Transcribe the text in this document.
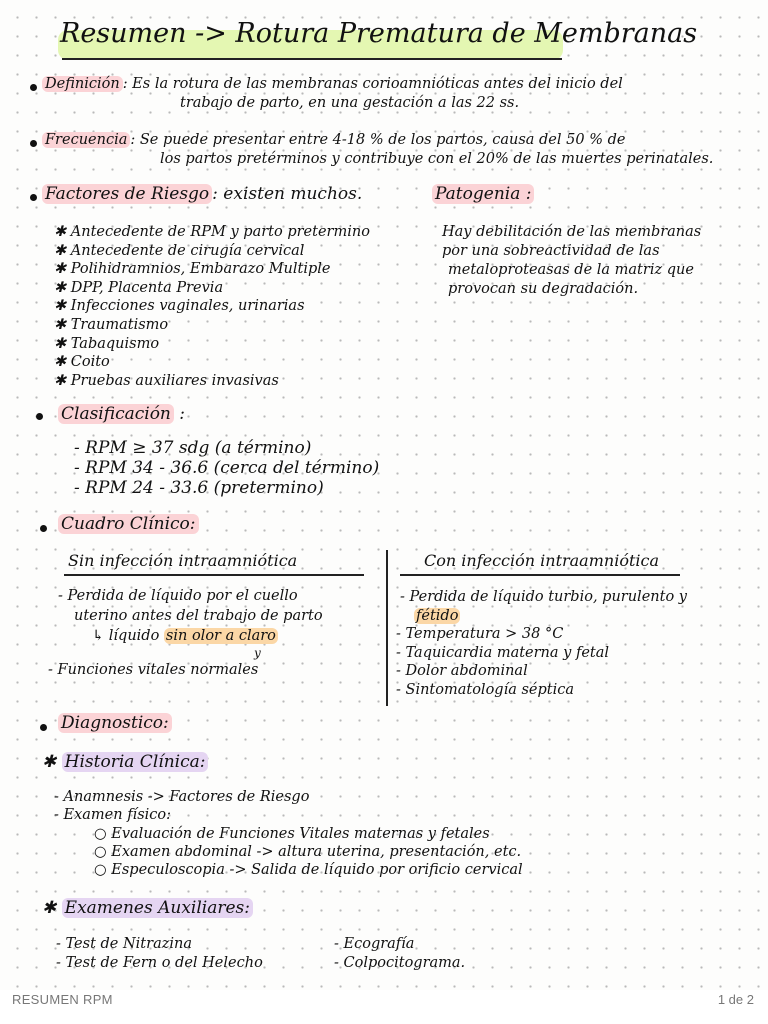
Resumen -> Rotura Prematura de Membranas
Definición : Es la rotura de las membranas corioamnióticas antes del inicio del
trabajo de parto, en una gestación a las 22 ss.
Frecuencia : Se puede presentar entre 4-18 % de los partos, causa del 50 % de
los partos pretérminos y contribuye con el 20% de las muertes perinatales.
Factores de Riesgo : existen muchos.
✱ Antecedente de RPM y parto pretermino
✱ Antecedente de cirugía cervical
✱ Polihidramnios, Embarazo Multiple
✱ DPP, Placenta Previa
✱ Infecciones vaginales, urinarias
✱ Traumatismo
✱ Tabaquismo
✱ Coito
✱ Pruebas auxiliares invasivas
Patogenia :
Hay debilitación de las membranas
por una sobreactividad de las
metaloproteasas de la matriz que
provocan su degradación.
Clasificación :
- RPM ≥ 37 sdg (a término)
- RPM 34 - 36.6 (cerca del término)
- RPM 24 - 33.6 (pretermino)
Cuadro Clínico:
Sin infección intraamniótica	Con infección intraamniótica
- Perdida de líquido por el cuello
uterino antes del trabajo de parto
↳ líquido sin olor a claro
y
- Funciones vitales normales
- Perdida de líquido turbio, purulento y
fétido
- Temperatura > 38 °C
- Taquicardia materna y fetal
- Dolor abdominal
- Sintomatología séptica
Diagnostico:
✱ Historia Clínica:
- Anamnesis -> Factores de Riesgo
- Examen físico:
○ Evaluación de Funciones Vitales maternas y fetales
○ Examen abdominal -> altura uterina, presentación, etc.
○ Especuloscopia -> Salida de líquido por orificio cervical
✱ Examenes Auxiliares:
- Test de Nitrazina
- Test de Fern o del Helecho
- Ecografía
- Colpocitograma.
RESUMEN RPM	1 de 2
